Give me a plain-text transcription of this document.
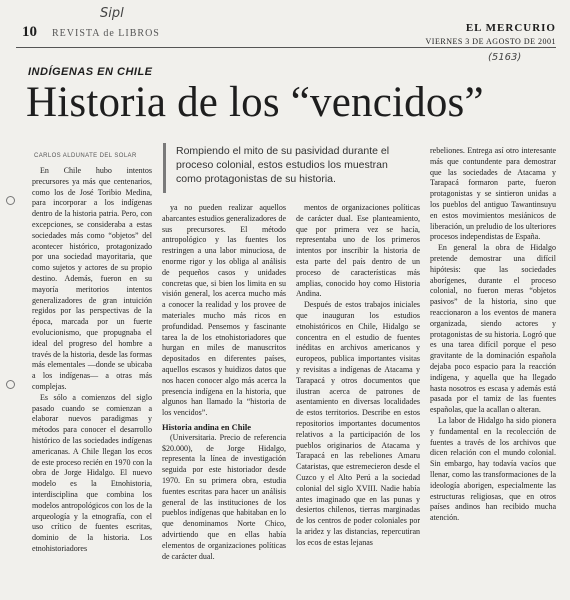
10 REVISTA de LIBROS
Sipl
EL MERCURIO
VIERNES 3 DE AGOSTO DE 2001
(5163)
INDÍGENAS EN CHILE
Historia de los “vencidos”
CARLOS ALDUNATE DEL SOLAR	Rompiendo el mito de su pasividad durante el proceso colonial, estos estudios los muestran como protagonistas de su historia.

En Chile hubo intentos precursores ya más que centenarios, como los de José Toribio Medina, para incorporar a los indígenas dentro de la historia patria. Pero, con excepciones, se consideraba a estas sociedades más como “objetos” del acontecer histórico, protagonizado por una sociedad mayoritaria, que como sujetos y actores de su propio destino. Además, fueron en su mayoría meritorios intentos generalizadores de gran intuición regidos por las perspectivas de la época, marcada por un fuerte evolucionismo, que propugnaba el ideal del progreso del hombre a través de la historia, desde las formas más elementales —donde se ubicaba a los indígenas— a otras más complejas.

Es sólo a comienzos del siglo pasado cuando se comienzan a elaborar nuevos paradigmas y métodos para conocer el desarrollo histórico de las sociedades indígenas americanas. A Chile llegan los ecos de este proceso recién en 1970 con la obra de Jorge Hidalgo. El nuevo modelo es la Etnohistoria, interdisciplina que combina los modelos antropológicos con los de la arqueología y la etnografía, con el uso crítico de fuentes escritas, dominio de la historia. Los etnohistoriadores

ya no pueden realizar aquellos abarcantes estudios generalizadores de sus precursores. El método antropológico y las fuentes los restringen a una labor minuciosa, de enorme rigor y los obliga al análisis de pequeños casos y unidades concretas que, si bien los limita en su visión general, los acerca mucho más a conocer la realidad y los provee de materiales mucho más ricos en profundidad. Pensemos y fascinante tarea la de los etnohistoriadores que hurgan en miles de manuscritos depositados en diferentes países, aquellos escasos y huidizos datos que nos hacen conocer algo más acerca la presencia indígena en la historia, que algunos han llamado la “historia de los vencidos”.

Historia andina en Chile

(Universitaria. Precio de referencia $20.000), de Jorge Hidalgo, representa la línea de investigación seguida por este historiador desde 1970. En su primera obra, estudia fuentes escritas para hacer un análisis general de las instituciones de los pueblos indígenas que habitaban en lo que denominamos Norte Chico, advirtiendo que en ellas había elementos de organizaciones políticas de carácter dual.

mentos de organizaciones políticas de carácter dual. Ese planteamiento, que por primera vez se hacía, representaba uno de los primeros intentos por inscribir la historia de esta parte del país dentro de un proceso de características más amplias, conocido hoy como Historia Andina.

Después de estos trabajos iniciales que inauguran los estudios etnohistóricos en Chile, Hidalgo se concentra en el estudio de fuentes inéditas en archivos americanos y europeos, publica importantes visitas y revisitas a indígenas de Atacama y Tarapacá y otros documentos que ilustran acerca de patrones de asentamiento en diversas localidades de estos territorios. Describe en estos repositorios importantes documentos relativos a la participación de los pueblos originarios de Atacama y Tarapacá en las rebeliones Amaru Cataristas, que estremecieron desde el Cuzco y el Alto Perú a la sociedad colonial del siglo XVIII. Nadie había antes imaginado que en las punas y desiertos chilenos, tierras marginadas de los centros de poder coloniales por la aridez y las distancias, repercutiran los ecos de estas lejanas

rebeliones. Entrega así otro interesante más que contundente para demostrar que las sociedades de Atacama y Tarapacá formaron parte, fueron protagonistas y se sintieron unidas a los pueblos del antiguo Tawantinsuyu en estos movimientos mesiánicos de liberación, un preludio de los ulteriores procesos independistas de España.

En general la obra de Hidalgo pretende demostrar una difícil hipótesis: que las sociedades aborígenes, durante el proceso colonial, no fueron meras “objetos pasivos” de la historia, sino que reaccionaron a los eventos de manera organizada, siendo actores y protagonistas de su historia. Logró que es una tarea difícil porque el peso gravitante de la dominación española dejaba poco espacio para la reacción indígena, y aquella que ha llegado hasta nosotros es escasa y además está pasada por el tamiz de las fuentes españolas, que la acallan o alteran.

La labor de Hidalgo ha sido pionera y fundamental en la recolección de fuentes a través de los archivos que dicen relación con el mundo colonial. Sin embargo, hay todavía vacíos que llenar, como las transformaciones de la ideología aborigen, especialmente las estructuras religiosas, que en otros países andinos han recibido mucha atención.
